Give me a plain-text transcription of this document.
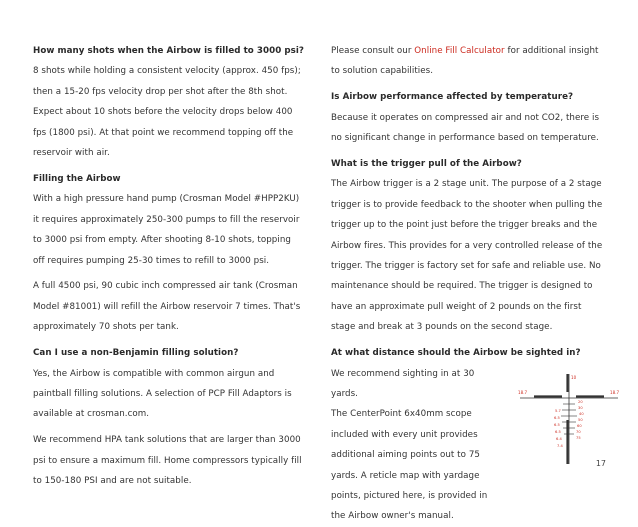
How many shots when the Airbow is filled to 3000 psi?
8 shots while holding a consistent velocity (approx. 450 fps); then a 15-20 fps velocity drop per shot after the 8th shot. Expect about 10 shots before the velocity drops below 400 fps (1800 psi). At that point we recommend topping off the reservoir with air.
Filling the Airbow
With a high pressure hand pump (Crosman Model #HPP2KU) it requires approximately 250-300 pumps to fill the reservoir to 3000 psi from empty. After shooting 8-10 shots, topping off requires pumping 25-30 times to refill to 3000 psi.
A full 4500 psi, 90 cubic inch compressed air tank (Crosman Model #81001) will refill the Airbow reservoir 7 times. That's approximately 70 shots per tank.
Can I use a non-Benjamin filling solution?
Yes, the Airbow is compatible with common airgun and paintball filling solutions. A selection of PCP Fill Adaptors is available at crosman.com.
We recommend HPA tank solutions that are larger than 3000 psi to ensure a maximum fill. Home compressors typically fill to 150-180 PSI and are not suitable.
Please consult our Online Fill Calculator for additional insight to solution capabilities.
Is Airbow performance affected by temperature?
Because it operates on compressed air and not CO2, there is no significant change in performance based on temperature.
What is the trigger pull of the Airbow?
The Airbow trigger is a 2 stage unit. The purpose of a 2 stage trigger is to provide feedback to the shooter when pulling the trigger up to the point just before the trigger breaks and the Airbow fires. This provides for a very controlled release of the trigger. The trigger is factory set for safe and reliable use. No maintenance should be required. The trigger is designed to have an approximate pull weight of 2 pounds on the first stage and break at 3 pounds on the second stage.
At what distance should the Airbow be sighted in?
We recommend sighting in at 30 yards.
The CenterPoint 6x40mm scope included with every unit provides additional aiming points out to 75 yards. A reticle map with yardage points, pictured here, is provided in the Airbow owner's manual.
18.7	18.7
10
20
30
5.7
40
50
6.5
60
6.5
70
6.5
75
6.4
7.4
17
